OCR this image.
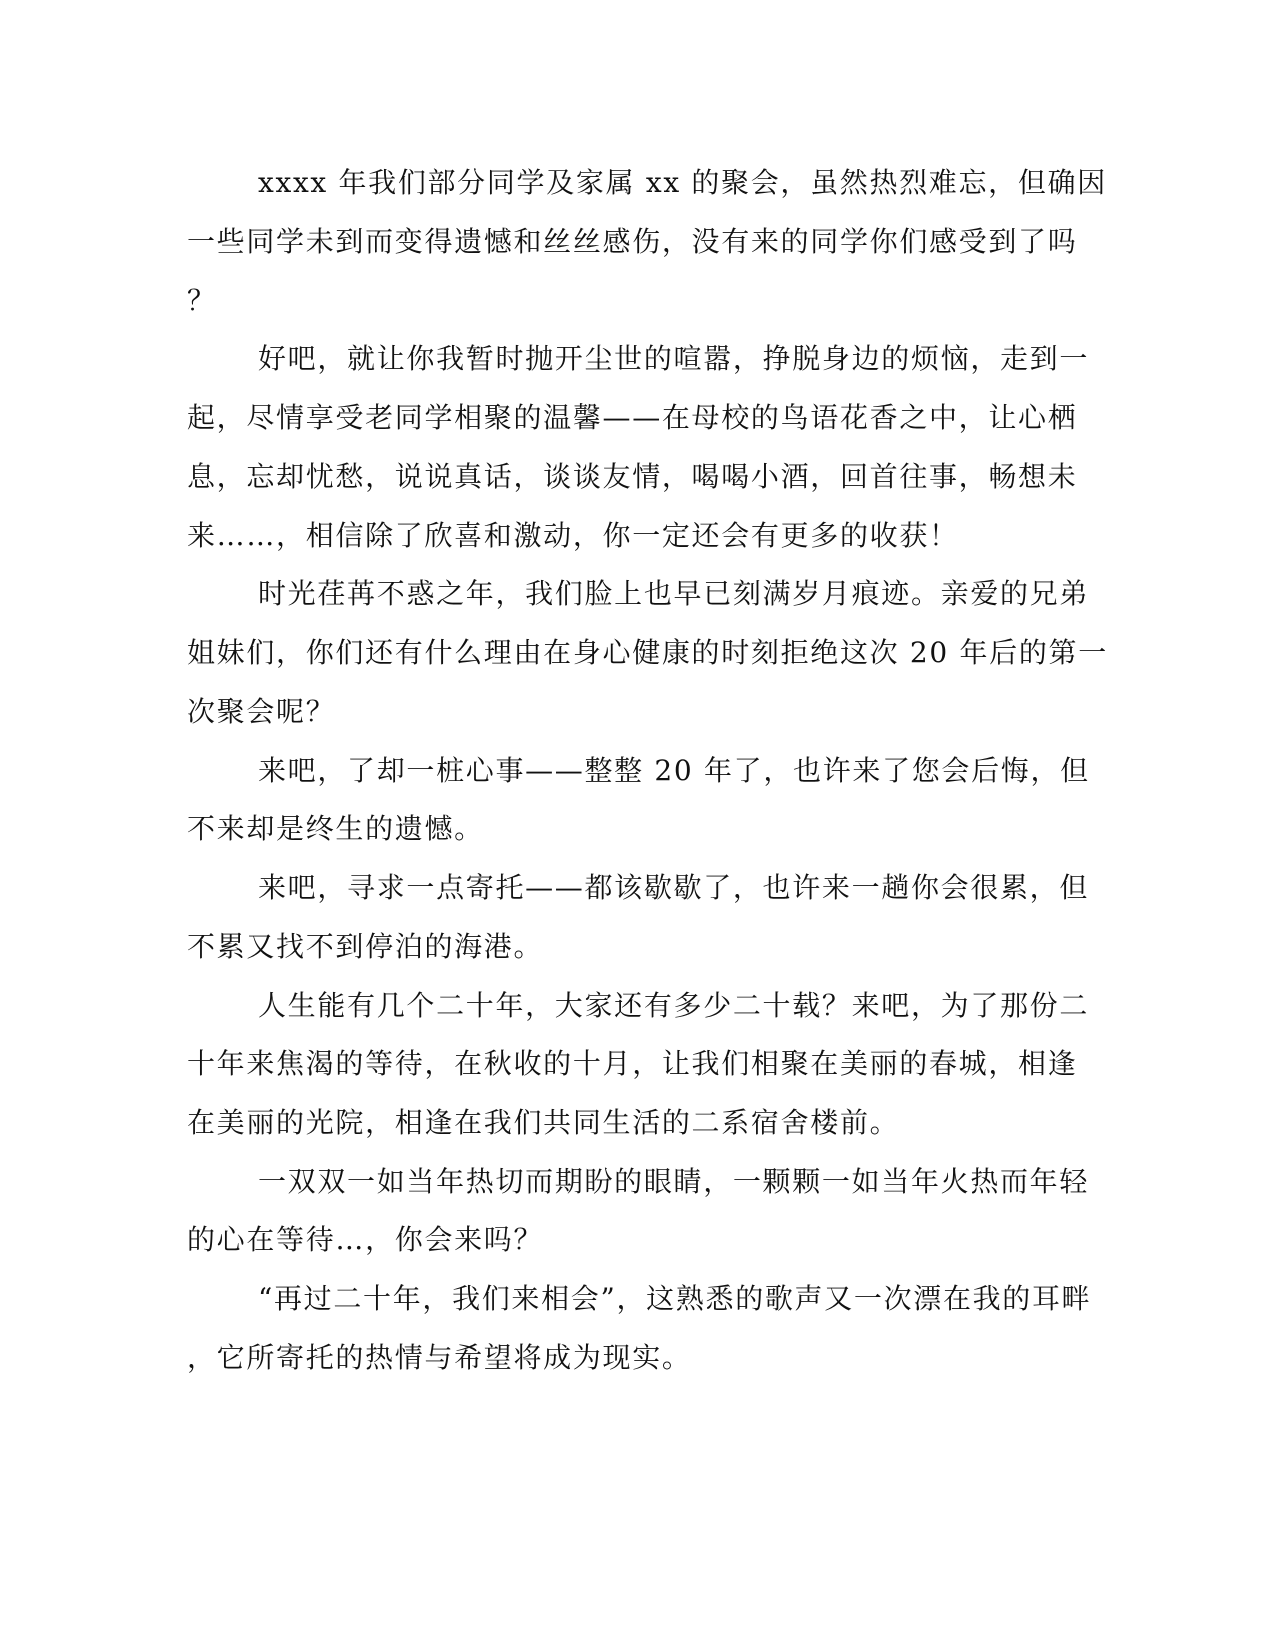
xxxx 年我们部分同学及家属 xx 的聚会，虽然热烈难忘，但确因
一些同学未到而变得遗憾和丝丝感伤，没有来的同学你们感受到了吗
？
好吧，就让你我暂时抛开尘世的喧嚣，挣脱身边的烦恼，走到一
起，尽情享受老同学相聚的温馨——在母校的鸟语花香之中，让心栖
息，忘却忧愁，说说真话，谈谈友情，喝喝小酒，回首往事，畅想未
来……，相信除了欣喜和激动，你一定还会有更多的收获！
时光荏苒不惑之年，我们脸上也早已刻满岁月痕迹。亲爱的兄弟
姐妹们，你们还有什么理由在身心健康的时刻拒绝这次 20 年后的第一
次聚会呢？
来吧，了却一桩心事——整整 20 年了，也许来了您会后悔，但
不来却是终生的遗憾。
来吧，寻求一点寄托——都该歇歇了，也许来一趟你会很累，但
不累又找不到停泊的海港。
人生能有几个二十年，大家还有多少二十载？来吧，为了那份二
十年来焦渴的等待，在秋收的十月，让我们相聚在美丽的春城，相逢
在美丽的光院，相逢在我们共同生活的二系宿舍楼前。
一双双一如当年热切而期盼的眼睛，一颗颗一如当年火热而年轻
的心在等待…，你会来吗？
“再过二十年，我们来相会”，这熟悉的歌声又一次漂在我的耳畔
，它所寄托的热情与希望将成为现实。
